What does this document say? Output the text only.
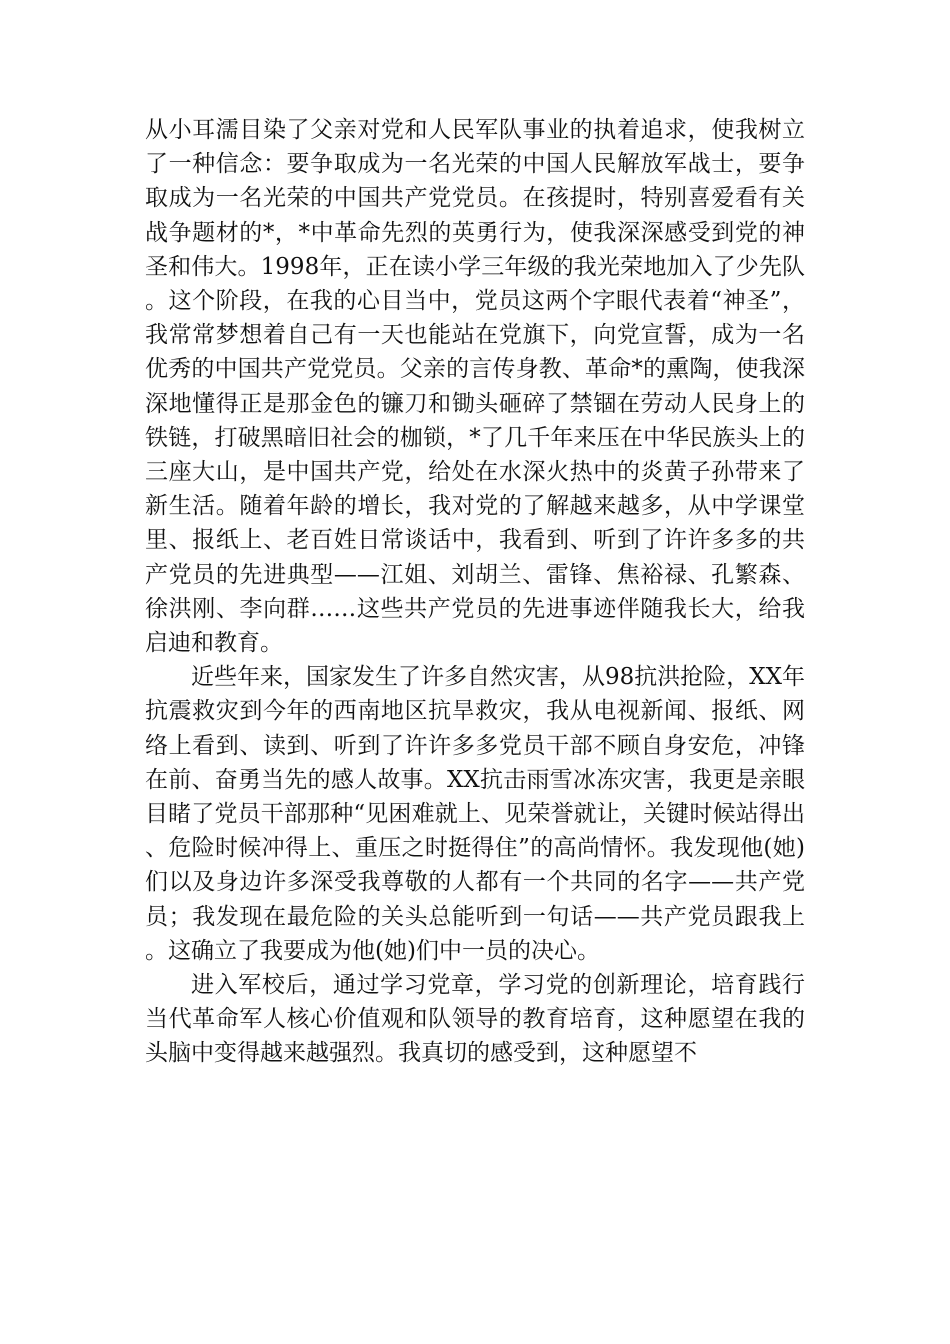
从小耳濡目染了父亲对党和人民军队事业的执着追求，使我树立了一种信念：要争取成为一名光荣的中国人民解放军战士，要争取成为一名光荣的中国共产党党员。在孩提时，特别喜爱看有关战争题材的*，*中革命先烈的英勇行为，使我深深感受到党的神圣和伟大。1998年，正在读小学三年级的我光荣地加入了少先队。这个阶段，在我的心目当中，党员这两个字眼代表着“神圣”，我常常梦想着自己有一天也能站在党旗下，向党宣誓，成为一名优秀的中国共产党党员。父亲的言传身教、革命*的熏陶，使我深深地懂得正是那金色的镰刀和锄头砸碎了禁锢在劳动人民身上的铁链，打破黑暗旧社会的枷锁，*了几千年来压在中华民族头上的三座大山，是中国共产党，给处在水深火热中的炎黄子孙带来了新生活。随着年龄的增长，我对党的了解越来越多，从中学课堂里、报纸上、老百姓日常谈话中，我看到、听到了许许多多的共产党员的先进典型——江姐、刘胡兰、雷锋、焦裕禄、孔繁森、徐洪刚、李向群……这些共产党员的先进事迹伴随我长大，给我启迪和教育。

近些年来，国家发生了许多自然灾害，从98抗洪抢险，XX年抗震救灾到今年的西南地区抗旱救灾，我从电视新闻、报纸、网络上看到、读到、听到了许许多多党员干部不顾自身安危，冲锋在前、奋勇当先的感人故事。XX抗击雨雪冰冻灾害，我更是亲眼目睹了党员干部那种“见困难就上、见荣誉就让，关键时候站得出、危险时候冲得上、重压之时挺得住”的高尚情怀。我发现他(她)们以及身边许多深受我尊敬的人都有一个共同的名字——共产党员；我发现在最危险的关头总能听到一句话——共产党员跟我上。这确立了我要成为他(她)们中一员的决心。

进入军校后，通过学习党章，学习党的创新理论，培育践行当代革命军人核心价值观和队领导的教育培育，这种愿望在我的头脑中变得越来越强烈。我真切的感受到，这种愿望不
